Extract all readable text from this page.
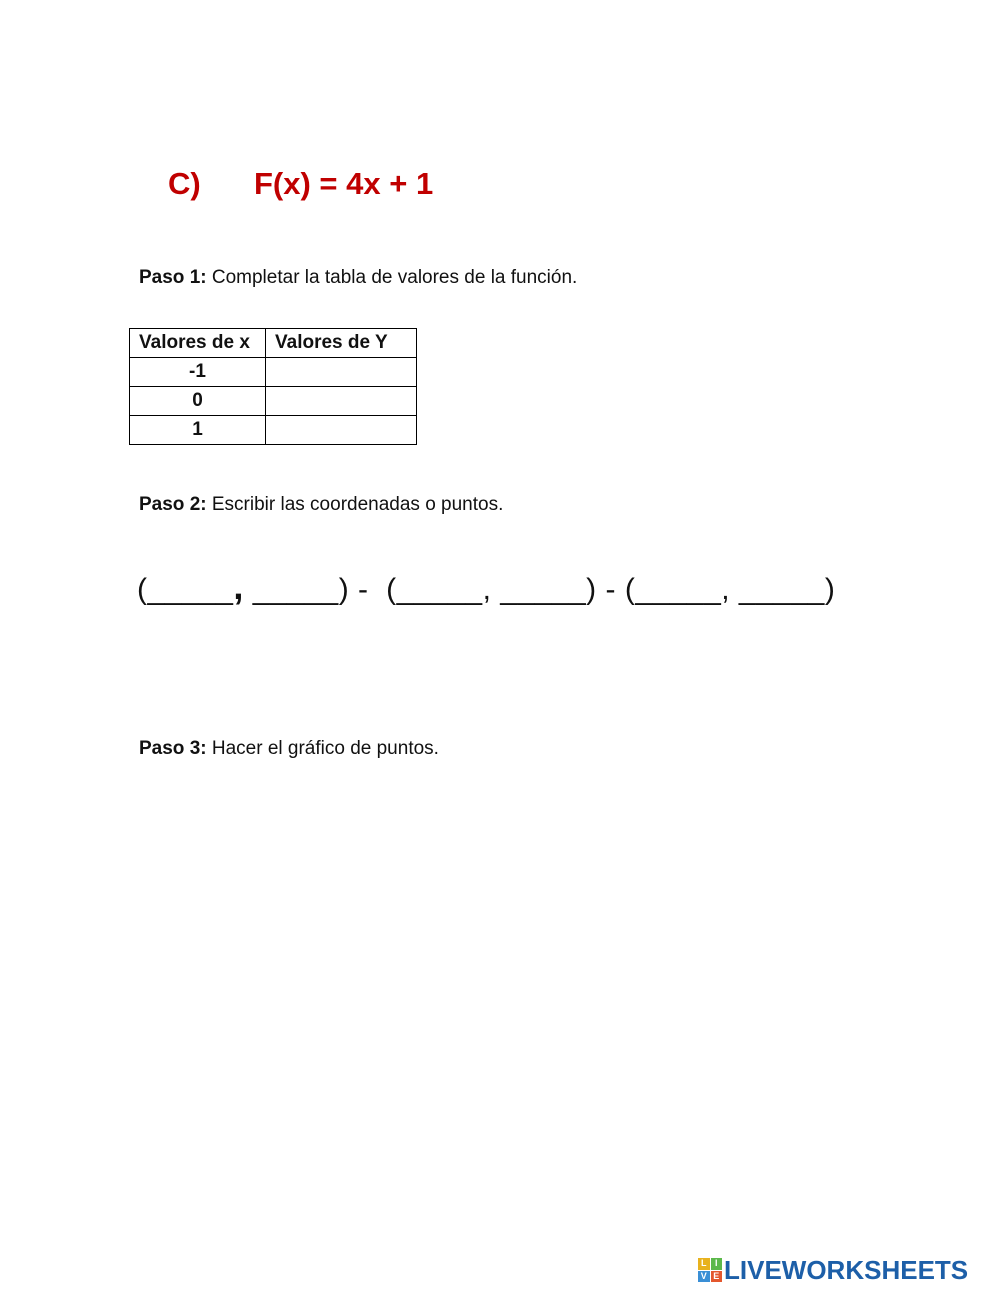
C) F(x) = 4x + 1
Paso 1: Completar la tabla de valores de la función.
Valores de x	Valores de Y
-1	
0	
1	
Paso 2: Escribir las coordenadas o puntos.
(_____, _____) -  (_____, _____) - (_____, _____)
Paso 3: Hacer el gráfico de puntos.
L I
V E LIVEWORKSHEETS
